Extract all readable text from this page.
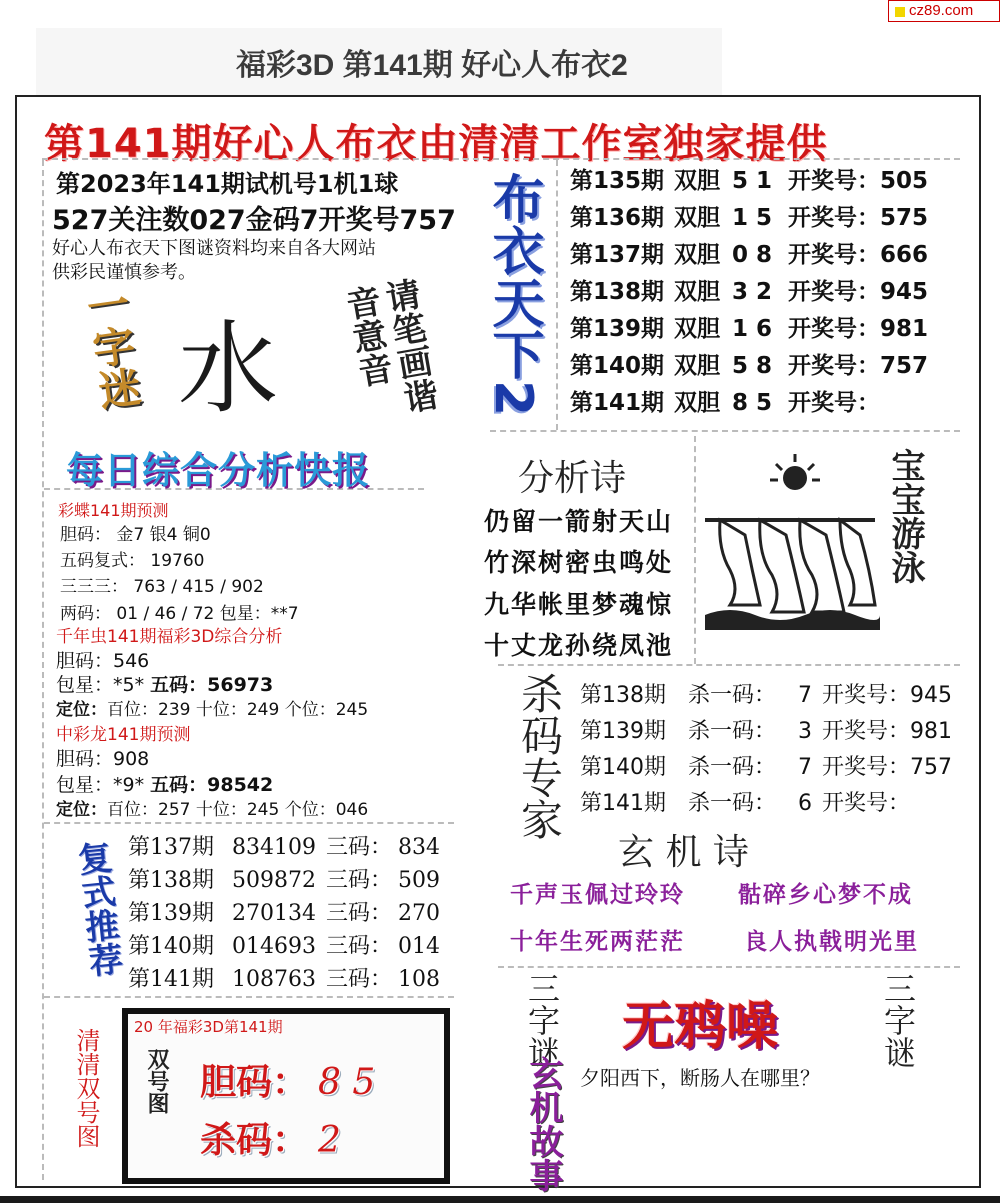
cz89.com
福彩3D 第141期 好心人布衣2
第141期好心人布衣由清清工作室独家提供
第2023年141期试机号1机1球
527关注数027金码7开奖号757
好心人布衣天下图谜资料均来自各大网站
供彩民谨慎参考。
一字迷 水	请笔画谐音意音	布衣天下2 第135期 双胆 5 1 开奖号：505
第136期 双胆 1 5 开奖号：575
第137期 双胆 0 8 开奖号：666
第138期 双胆 3 2 开奖号：945
第139期 双胆 1 6 开奖号：981
第140期 双胆 5 8 开奖号：757
第141期 双胆 8 5 开奖号：
每日综合分析快报
彩蝶141期预测
胆码： 金7 银4 铜0
五码复式： 19760
三三三： 763 / 415 / 902
两码： 01 / 46 / 72 包星：**7
千年虫141期福彩3D综合分析
胆码：546
包星：*5* 五码：56973
定位：百位：239 十位：249 个位：245
中彩龙141期预测
胆码：908
包星：*9* 五码：98542
定位：百位：257 十位：245 个位：046
分析诗
仍留一箭射天山
竹深树密虫鸣处
九华帐里梦魂惊
十丈龙孙绕凤池
宝宝游泳
杀码专家 第138期 杀一码： 7 开奖号：945
第139期 杀一码： 3 开奖号：981
第140期 杀一码： 7 开奖号：757
第141期 杀一码： 6 开奖号：
复式推荐 第137期 834109 三码： 834
第138期 509872 三码： 509
第139期 270134 三码： 270
第140期 014693 三码： 014
第141期 108763 三码： 108
玄 机 诗
千声玉佩过玲玲 骷碎乡心梦不成
十年生死两茫茫	良人执戟明光里
清清双号图
20 年福彩3D第141期
双号图 胆码： 8 5
杀码： 2
三字谜	三字谜
玄机故事
无鸦噪
夕阳西下，断肠人在哪里？
